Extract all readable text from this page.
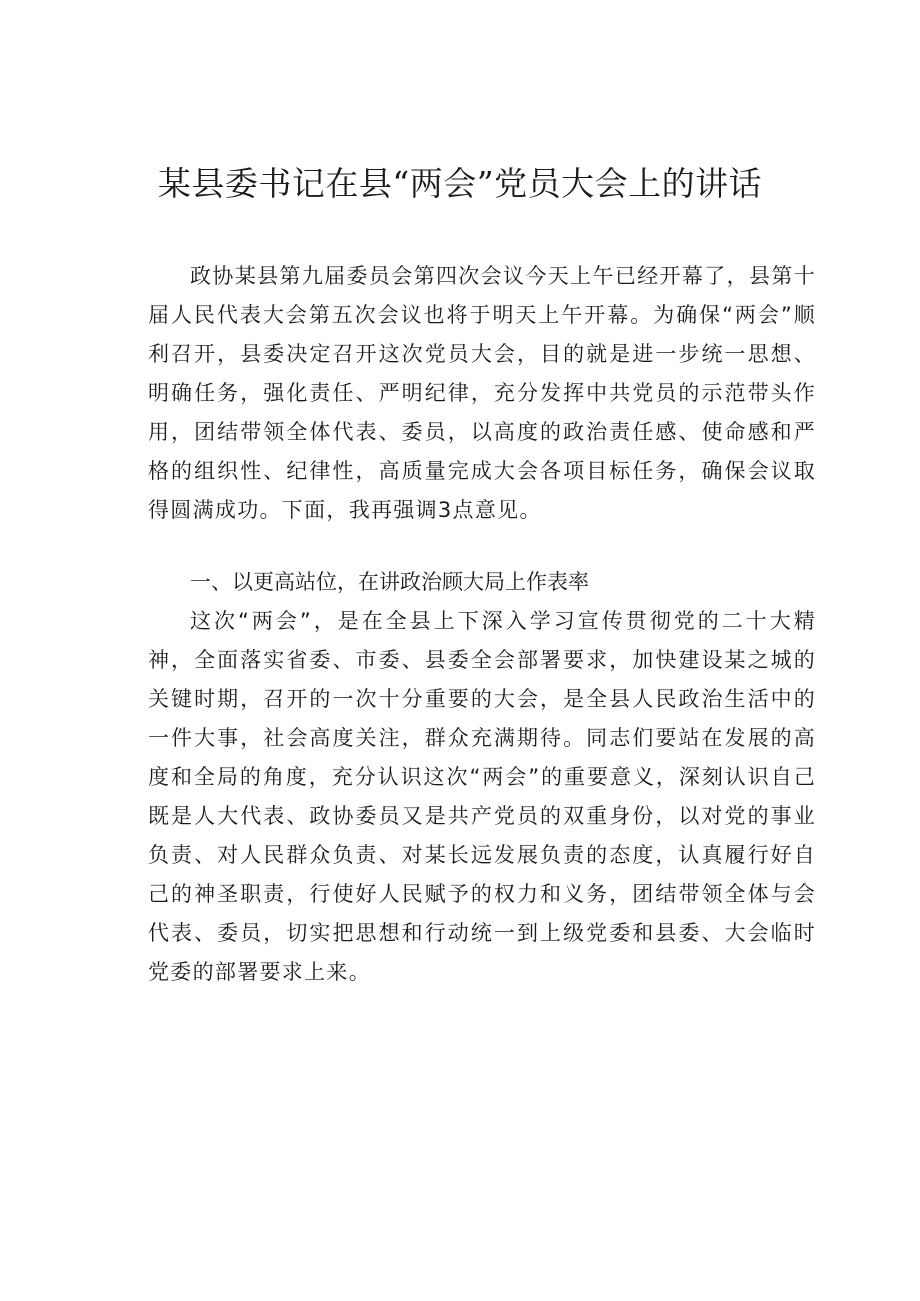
某县委书记在县“两会”党员大会上的讲话

政协某县第九届委员会第四次会议今天上午已经开幕了，县第十届人民代表大会第五次会议也将于明天上午开幕。为确保“两会”顺利召开，县委决定召开这次党员大会，目的就是进一步统一思想、明确任务，强化责任、严明纪律，充分发挥中共党员的示范带头作用，团结带领全体代表、委员，以高度的政治责任感、使命感和严格的组织性、纪律性，高质量完成大会各项目标任务，确保会议取得圆满成功。下面，我再强调3点意见。

一、以更高站位，在讲政治顾大局上作表率

这次“两会”，是在全县上下深入学习宣传贯彻党的二十大精神，全面落实省委、市委、县委全会部署要求，加快建设某之城的关键时期，召开的一次十分重要的大会，是全县人民政治生活中的一件大事，社会高度关注，群众充满期待。同志们要站在发展的高度和全局的角度，充分认识这次“两会”的重要意义，深刻认识自己既是人大代表、政协委员又是共产党员的双重身份，以对党的事业负责、对人民群众负责、对某长远发展负责的态度，认真履行好自己的神圣职责，行使好人民赋予的权力和义务，团结带领全体与会代表、委员，切实把思想和行动统一到上级党委和县委、大会临时党委的部署要求上来。
